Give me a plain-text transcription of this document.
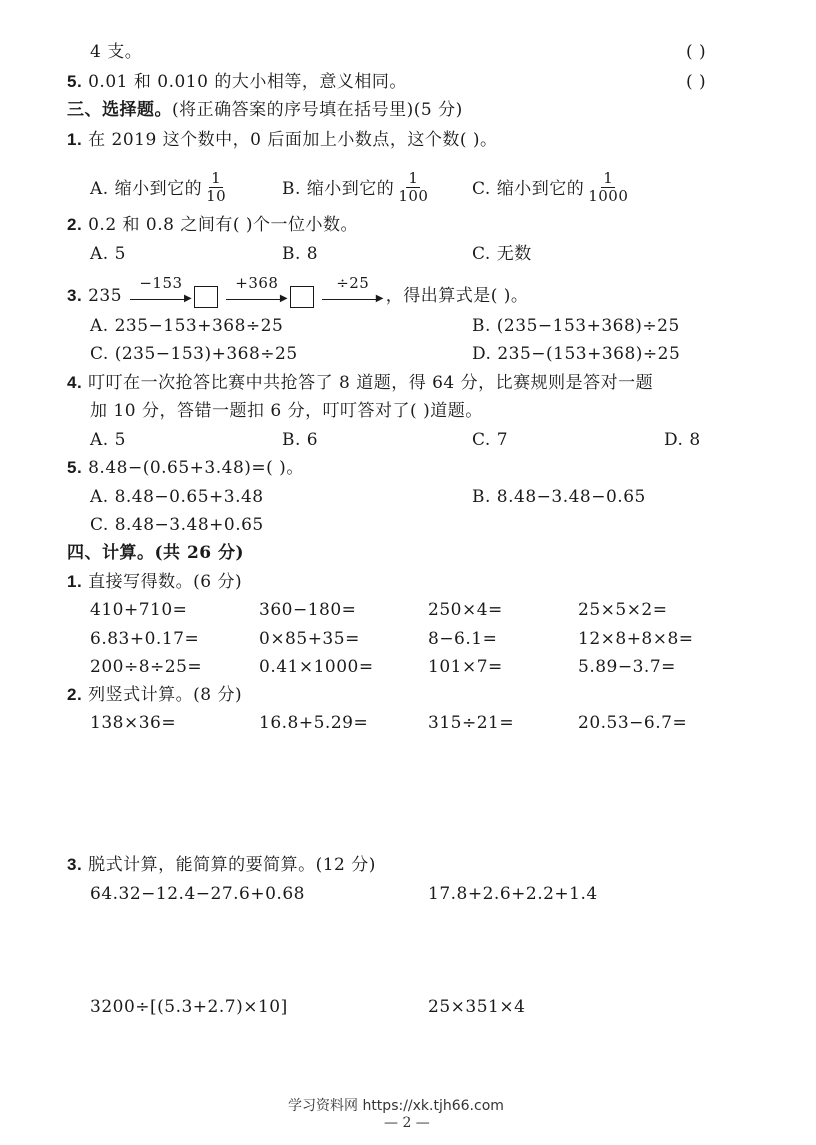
4 支。	( )
5. 0.01 和 0.010 的大小相等，意义相同。	( )
三、选择题。(将正确答案的序号填在括号里)(5 分)
1. 在 2019 这个数中，0 后面加上小数点，这个数( )。
A. 缩小到它的 $\frac{1}{10}$	B. 缩小到它的 $\frac{1}{100} C$. 缩小到它的 $\frac{1}{1000}$
2. 0.2 和 0.8 之间有( )个一位小数。
A. 5	B. 8	C. 无数
3. 235
−153
▶

+368
▶

÷25
▶ ，得出算式是( )。
A. 235−153+368÷25	B. (235−153+368)÷25
C. (235−153)+368÷25	D. 235−(153+368)÷25
4. 叮叮在一次抢答比赛中共抢答了 8 道题，得 64 分，比赛规则是答对一题
加 10 分，答错一题扣 6 分，叮叮答对了( )道题。
A. 5	B. 6	C. 7	D. 8
5. 8.48−(0.65+3.48)=( )。
A. 8.48−0.65+3.48	B. 8.48−3.48−0.65
C. 8.48−3.48+0.65
四、计算。(共 26 分)
1. 直接写得数。(6 分)
410+710=	360−180=	250×4=	25×5×2=
6.83+0.17=	0×85+35=	8−6.1=	12×8+8×8=
200÷8÷25=	0.41×1000=	101×7=	5.89−3.7=
2. 列竖式计算。(8 分)
138×36=	16.8+5.29=	315÷21=	20.53−6.7=
3. 脱式计算，能简算的要简算。(12 分)
64.32−12.4−27.6+0.68	17.8+2.6+2.2+1.4
3200÷[(5.3+2.7)×10]	25×351×4
学习资料网 https://xk.tjh66.com
— 2 —
